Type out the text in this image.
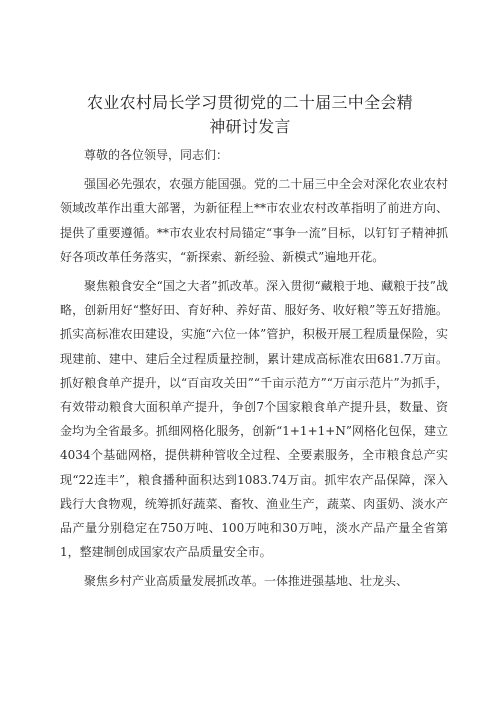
农业农村局长学习贯彻党的二十届三中全会精
神研讨发言

尊敬的各位领导，同志们：

强国必先强农，农强方能国强。党的二十届三中全会对深化农业农村领域改革作出重大部署，为新征程上**市农业农村改革指明了前进方向、提供了重要遵循。**市农业农村局锚定“事争一流”目标，以钉钉子精神抓好各项改革任务落实，“新探索、新经验、新模式”遍地开花。

聚焦粮食安全“国之大者”抓改革。深入贯彻“藏粮于地、藏粮于技”战略，创新用好“整好田、育好种、养好苗、服好务、收好粮”等五好措施。抓实高标准农田建设，实施“六位一体”管护，积极开展工程质量保险，实现建前、建中、建后全过程质量控制，累计建成高标准农田681.7万亩。抓好粮食单产提升，以“百亩攻关田”“千亩示范方”“万亩示范片”为抓手，有效带动粮食大面积单产提升，争创7个国家粮食单产提升县，数量、资金均为全省最多。抓细网格化服务，创新“1+1+1+N”网格化包保，建立4034个基础网格，提供耕种管收全过程、全要素服务，全市粮食总产实现“22连丰”，粮食播种面积达到1083.74万亩。抓牢农产品保障，深入践行大食物观，统筹抓好蔬菜、畜牧、渔业生产，蔬菜、肉蛋奶、淡水产品产量分别稳定在750万吨、100万吨和30万吨，淡水产品产量全省第1，整建制创成国家农产品质量安全市。

聚焦乡村产业高质量发展抓改革。一体推进强基地、壮龙头、
